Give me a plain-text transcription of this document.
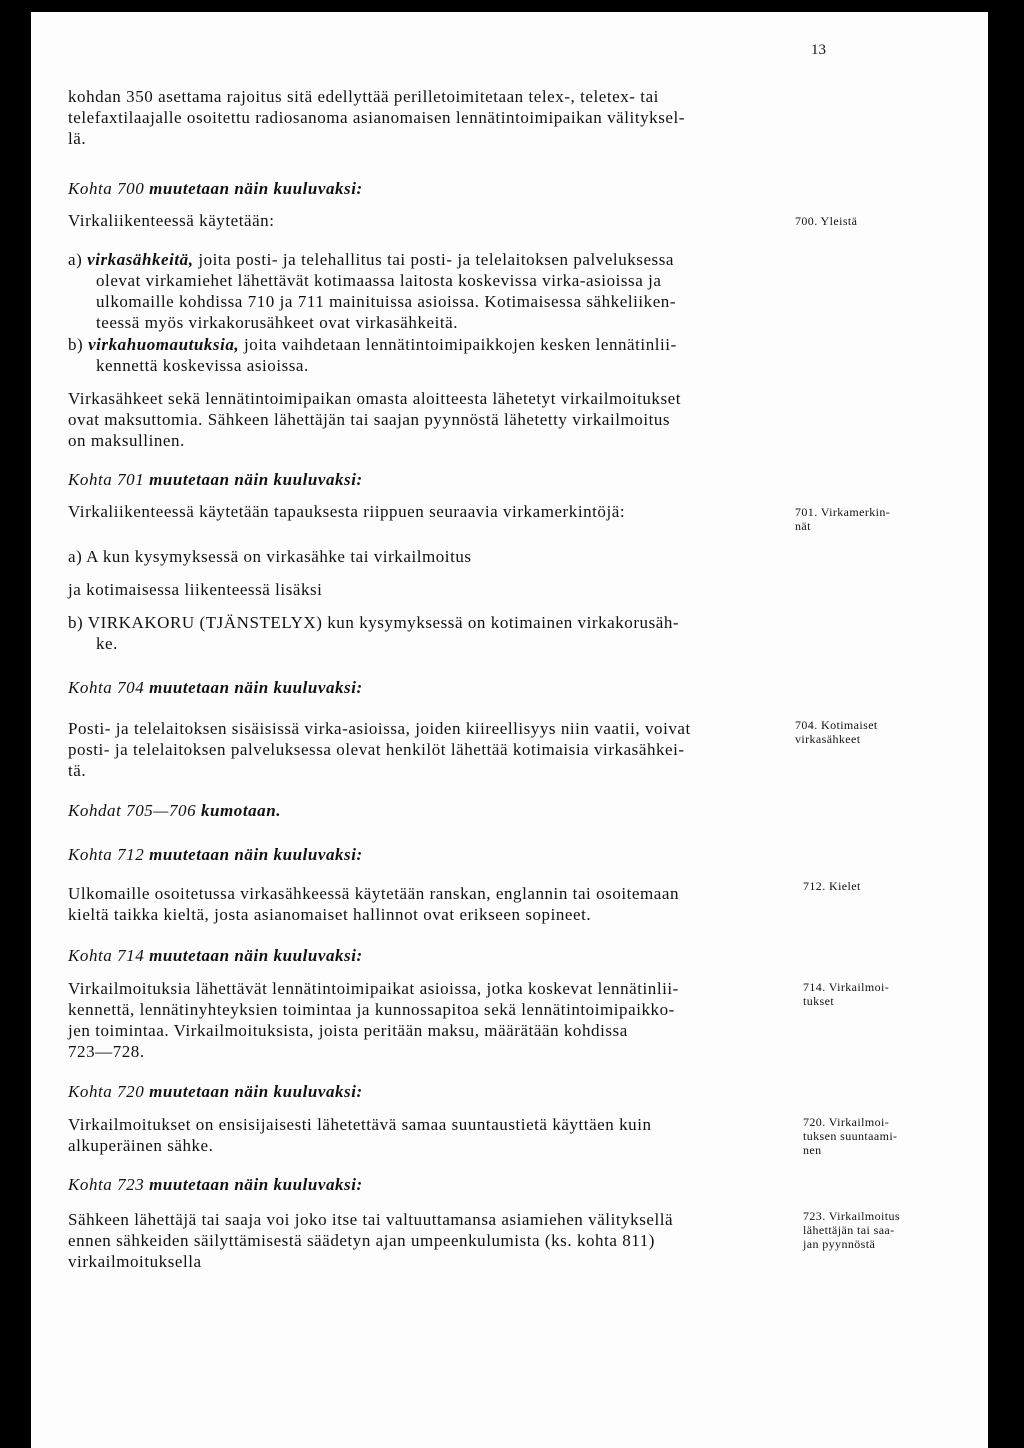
13
kohdan 350 asettama rajoitus sitä edellyttää perilletoimitetaan telex-, teletex- tai
telefaxtilaajalle osoitettu radiosanoma asianomaisen lennätintoimipaikan välityksel-
lä.
Kohta 700 muutetaan näin kuuluvaksi:
Virkaliikenteessä käytetään:	700. Yleistä
a) virkasähkeitä, joita posti- ja telehallitus tai posti- ja telelaitoksen palveluksessa
olevat virkamiehet lähettävät kotimaassa laitosta koskevissa virka-asioissa ja
ulkomaille kohdissa 710 ja 711 mainituissa asioissa. Kotimaisessa sähkeliiken-
teessä myös virkakorusähkeet ovat virkasähkeitä.
b) virkahuomautuksia, joita vaihdetaan lennätintoimipaikkojen kesken lennätinlii-
kennettä koskevissa asioissa.
Virkasähkeet sekä lennätintoimipaikan omasta aloitteesta lähetetyt virkailmoitukset
ovat maksuttomia. Sähkeen lähettäjän tai saajan pyynnöstä lähetetty virkailmoitus
on maksullinen.
Kohta 701 muutetaan näin kuuluvaksi:
Virkaliikenteessä käytetään tapauksesta riippuen seuraavia virkamerkintöjä:	701. Virkamerkin-
nät
a) A kun kysymyksessä on virkasähke tai virkailmoitus
ja kotimaisessa liikenteessä lisäksi
b) VIRKAKORU (TJÄNSTELYX) kun kysymyksessä on kotimainen virkakorusäh-
ke.
Kohta 704 muutetaan näin kuuluvaksi:
Posti- ja telelaitoksen sisäisissä virka-asioissa, joiden kiireellisyys niin vaatii, voivat
posti- ja telelaitoksen palveluksessa olevat henkilöt lähettää kotimaisia virkasähkei-
tä.
704. Kotimaiset
virkasähkeet
Kohdat 705—706 kumotaan.
Kohta 712 muutetaan näin kuuluvaksi:
Ulkomaille osoitetussa virkasähkeessä käytetään ranskan, englannin tai osoitemaan
kieltä taikka kieltä, josta asianomaiset hallinnot ovat erikseen sopineet.
712. Kielet
Kohta 714 muutetaan näin kuuluvaksi:
Virkailmoituksia lähettävät lennätintoimipaikat asioissa, jotka koskevat lennätinlii-
kennettä, lennätinyhteyksien toimintaa ja kunnossapitoa sekä lennätintoimipaikko-
jen toimintaa. Virkailmoituksista, joista peritään maksu, määrätään kohdissa
723—728.
714. Virkailmoi-
tukset
Kohta 720 muutetaan näin kuuluvaksi:
Virkailmoitukset on ensisijaisesti lähetettävä samaa suuntaustietä käyttäen kuin
alkuperäinen sähke.
720. Virkailmoi-
tuksen suuntaami-
nen
Kohta 723 muutetaan näin kuuluvaksi:
Sähkeen lähettäjä tai saaja voi joko itse tai valtuuttamansa asiamiehen välityksellä
ennen sähkeiden säilyttämisestä säädetyn ajan umpeenkulumista (ks. kohta 811)
virkailmoituksella
723. Virkailmoitus
lähettäjän tai saa-
jan pyynnöstä
